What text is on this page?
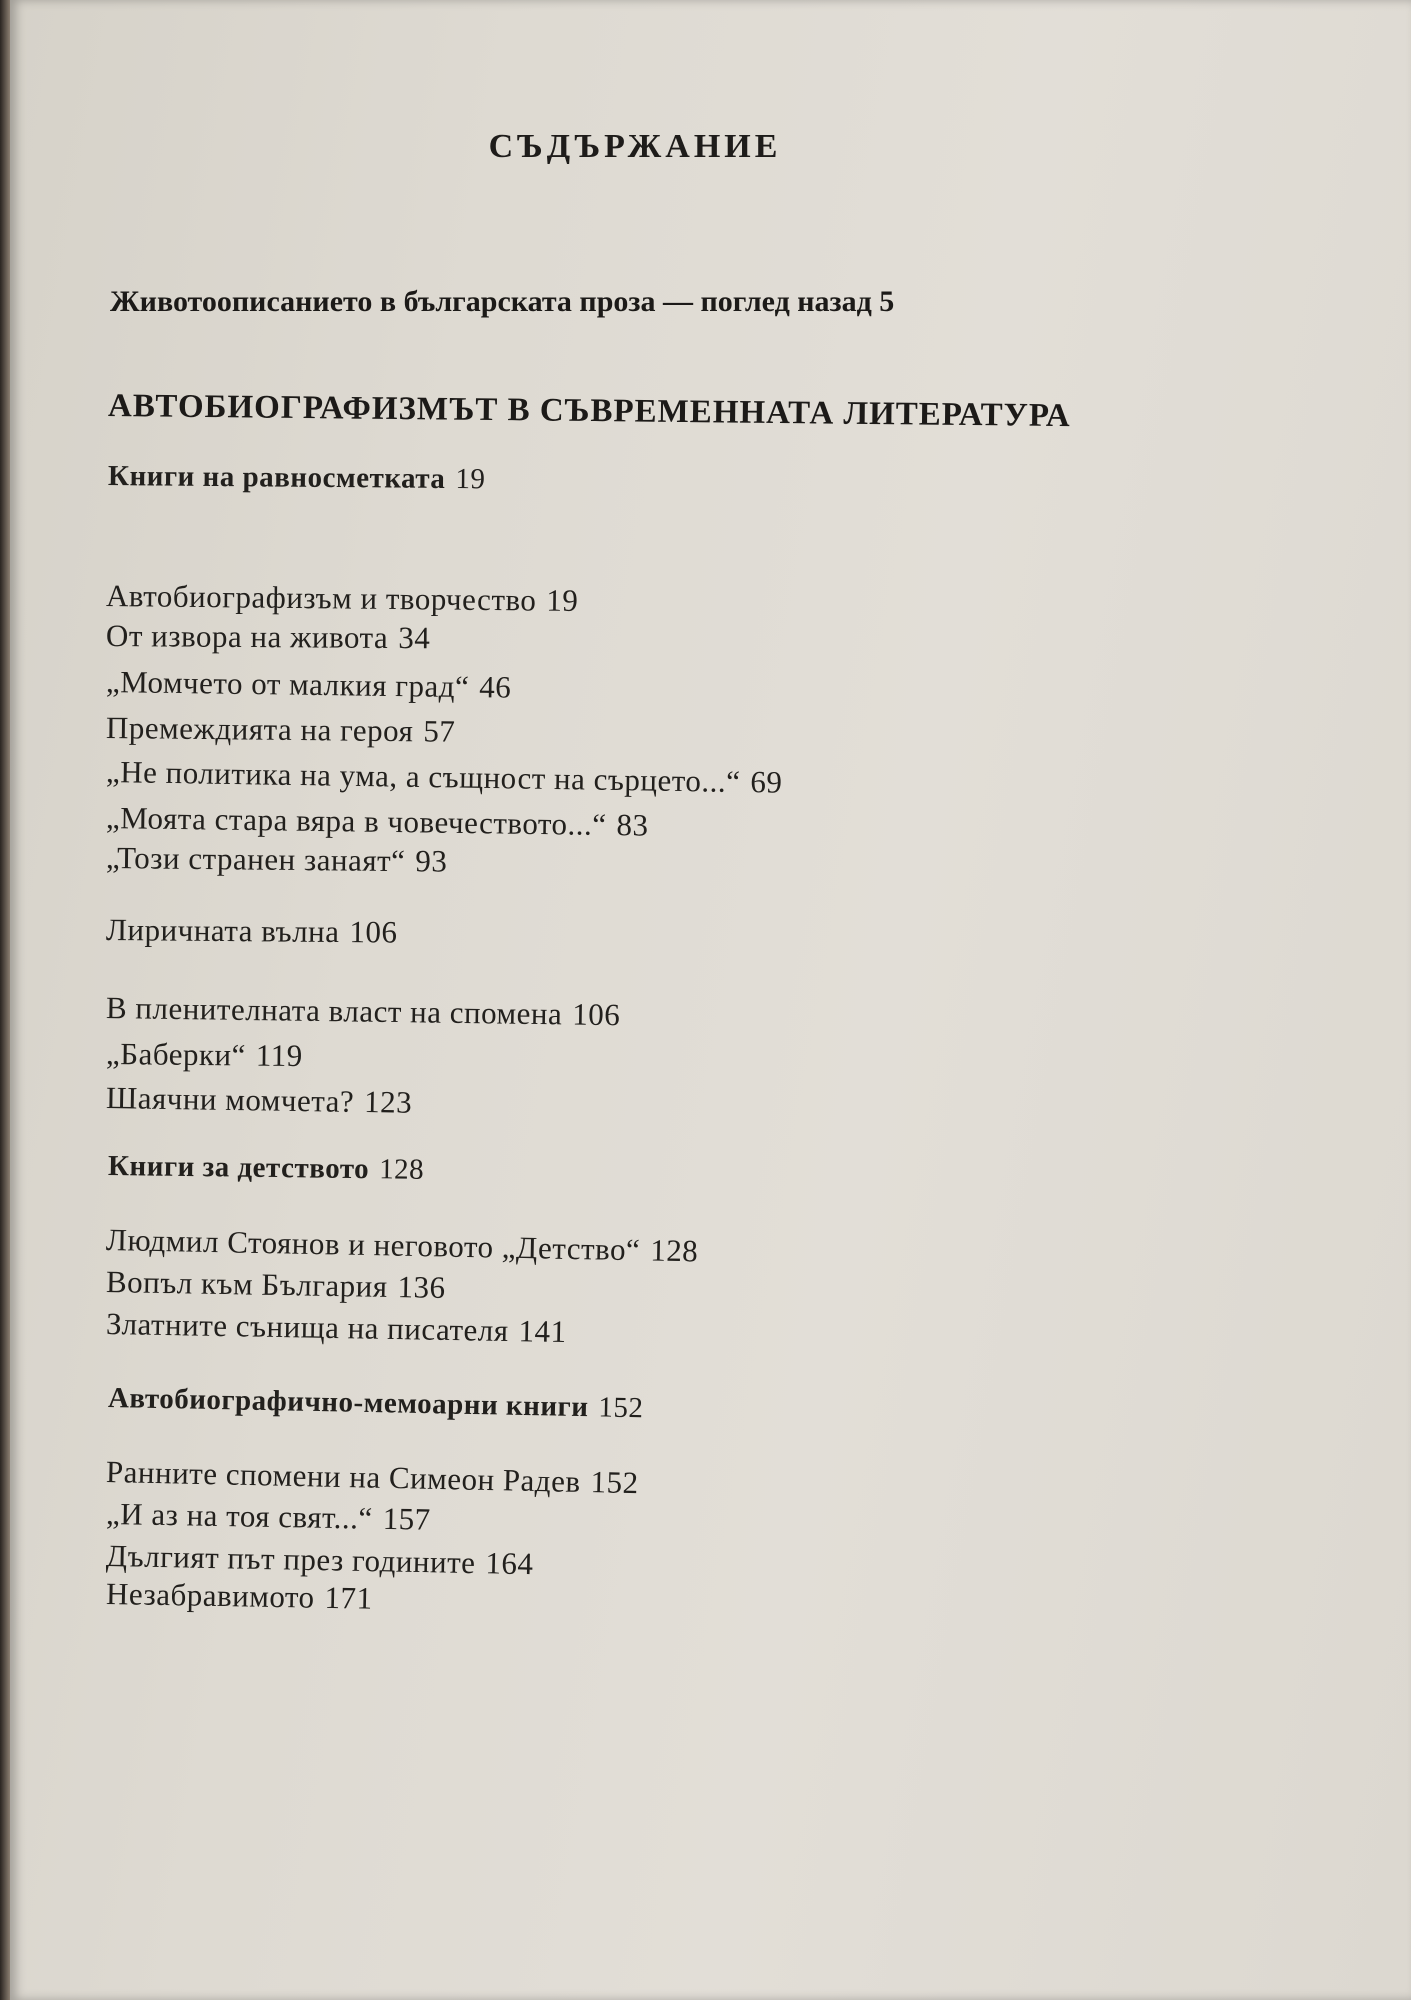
СЪДЪРЖАНИЕ
Животоописанието в българската проза — поглед назад 5
АВТОБИОГРАФИЗМЪТ В СЪВРЕМЕННАТА ЛИТЕРАТУРА
Книги на равносметката 19
Автобиографизъм и творчество 19
От извора на живота 34
„Момчето от малкия град“ 46
Премеждията на героя 57
„Не политика на ума, а същност на сърцето...“ 69
„Моята стара вяра в човечеството...“ 83
„Този странен занаят“ 93
Лиричната вълна 106
В пленителната власт на спомена 106
„Баберки“ 119
Шаячни момчета? 123
Книги за детството 128
Людмил Стоянов и неговото „Детство“ 128
Вопъл към България 136
Златните сънища на писателя 141
Автобиографично-мемоарни книги 152
Ранните спомени на Симеон Радев 152
„И аз на тоя свят...“ 157
Дългият път през годините 164
Незабравимото 171
